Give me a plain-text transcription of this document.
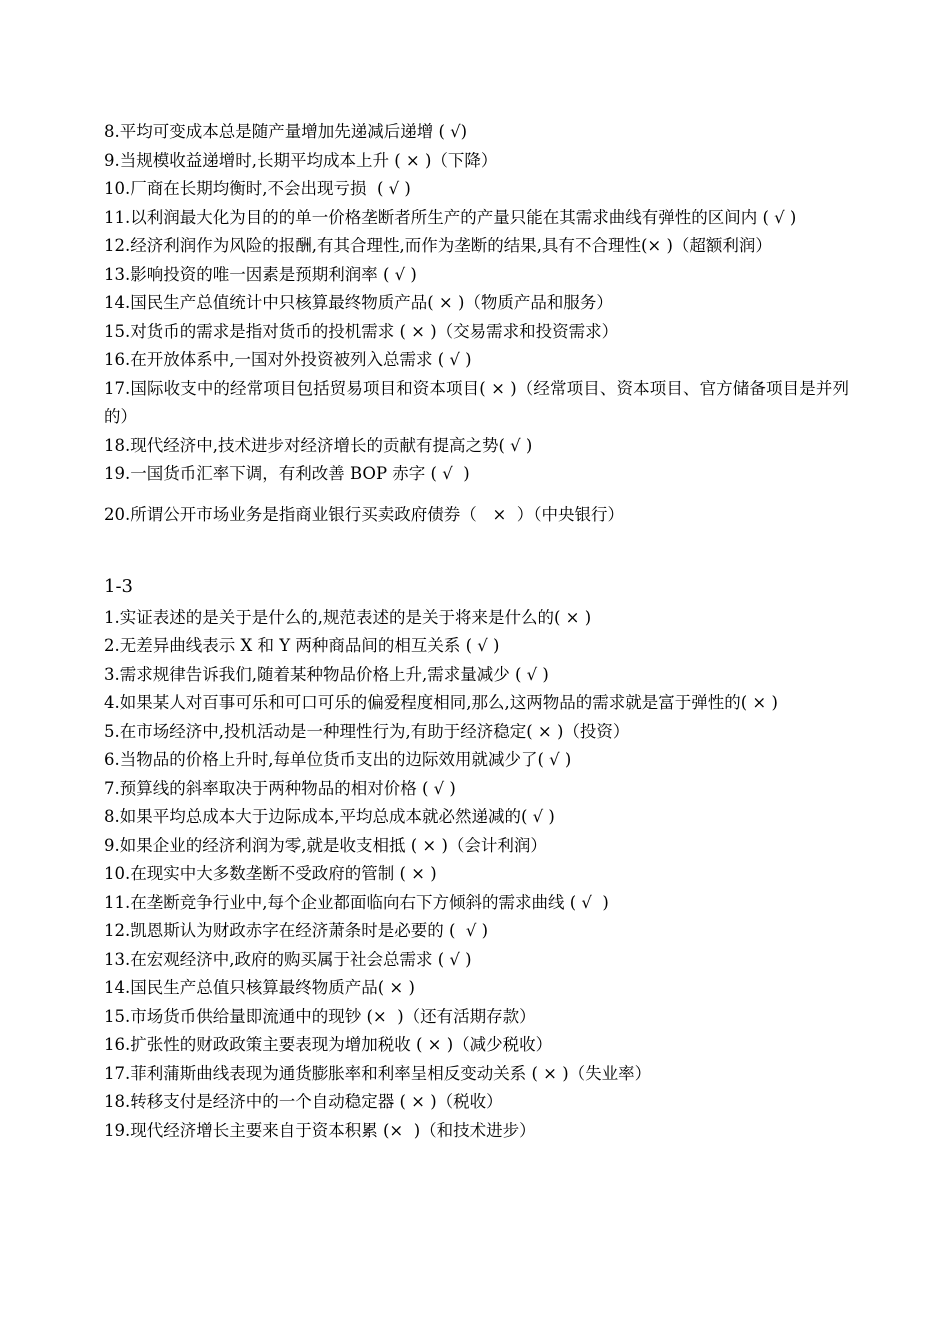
8.平均可变成本总是随产量增加先递减后递增 ( √)

9.当规模收益递增时,长期平均成本上升 ( × )（下降）

10.厂商在长期均衡时,不会出现亏损  ( √ )

11.以利润最大化为目的的单一价格垄断者所生产的产量只能在其需求曲线有弹性的区间内 ( √ )

12.经济利润作为风险的报酬,有其合理性,而作为垄断的结果,具有不合理性(× )（超额利润）

13.影响投资的唯一因素是预期利润率 ( √ )

14.国民生产总值统计中只核算最终物质产品( × )（物质产品和服务）

15.对货币的需求是指对货币的投机需求 ( × )（交易需求和投资需求）

16.在开放体系中,一国对外投资被列入总需求 ( √ )

17.国际收支中的经常项目包括贸易项目和资本项目( × )（经常项目、资本项目、官方储备项目是并列的）

18.现代经济中,技术进步对经济增长的贡献有提高之势( √ )

19.一国货币汇率下调，有利改善 BOP 赤字 ( √  )

20.所谓公开市场业务是指商业银行买卖政府债券（   ×  ）（中央银行）

1-3

1.实证表述的是关于是什么的,规范表述的是关于将来是什么的( × )

2.无差异曲线表示 X 和 Y 两种商品间的相互关系 ( √ )

3.需求规律告诉我们,随着某种物品价格上升,需求量减少 ( √ )

4.如果某人对百事可乐和可口可乐的偏爱程度相同,那么,这两物品的需求就是富于弹性的( × )

5.在市场经济中,投机活动是一种理性行为,有助于经济稳定( × )（投资）

6.当物品的价格上升时,每单位货币支出的边际效用就减少了( √ )

7.预算线的斜率取决于两种物品的相对价格 ( √ )

8.如果平均总成本大于边际成本,平均总成本就必然递减的( √ )

9.如果企业的经济利润为零,就是收支相抵 ( × )（会计利润）

10.在现实中大多数垄断不受政府的管制 ( × )

11.在垄断竞争行业中,每个企业都面临向右下方倾斜的需求曲线 ( √  )

12.凯恩斯认为财政赤字在经济萧条时是必要的 (  √ )

13.在宏观经济中,政府的购买属于社会总需求 ( √ )

14.国民生产总值只核算最终物质产品( × )

15.市场货币供给量即流通中的现钞 (×  )（还有活期存款）

16.扩张性的财政政策主要表现为增加税收 ( × )（减少税收）

17.菲利蒲斯曲线表现为通货膨胀率和利率呈相反变动关系 ( × )（失业率）

18.转移支付是经济中的一个自动稳定器 ( × )（税收）

19.现代经济增长主要来自于资本积累 (×  )（和技术进步）
